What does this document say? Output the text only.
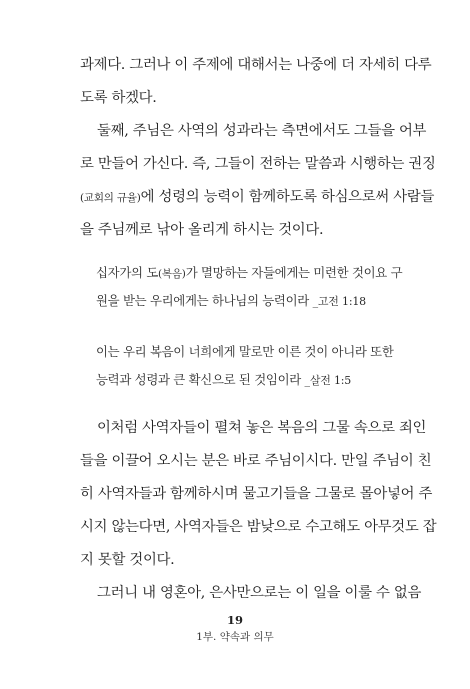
과제다. 그러나 이 주제에 대해서는 나중에 더 자세히 다루
도록 하겠다.
둘째, 주님은 사역의 성과라는 측면에서도 그들을 어부
로 만들어 가신다. 즉, 그들이 전하는 말씀과 시행하는 권징
(교회의 규율)에 성령의 능력이 함께하도록 하심으로써 사람들
을 주님께로 낚아 올리게 하시는 것이다.
십자가의 도(복음)가 멸망하는 자들에게는 미련한 것이요 구
원을 받는 우리에게는 하나님의 능력이라 _고전 1:18
이는 우리 복음이 너희에게 말로만 이른 것이 아니라 또한
능력과 성령과 큰 확신으로 된 것임이라 _살전 1:5
이처럼 사역자들이 펼쳐 놓은 복음의 그물 속으로 죄인
들을 이끌어 오시는 분은 바로 주님이시다. 만일 주님이 친
히 사역자들과 함께하시며 물고기들을 그물로 몰아넣어 주
시지 않는다면, 사역자들은 밤낮으로 수고해도 아무것도 잡
지 못할 것이다.
그러니 내 영혼아, 은사만으로는 이 일을 이룰 수 없음
19
1부. 약속과 의무
